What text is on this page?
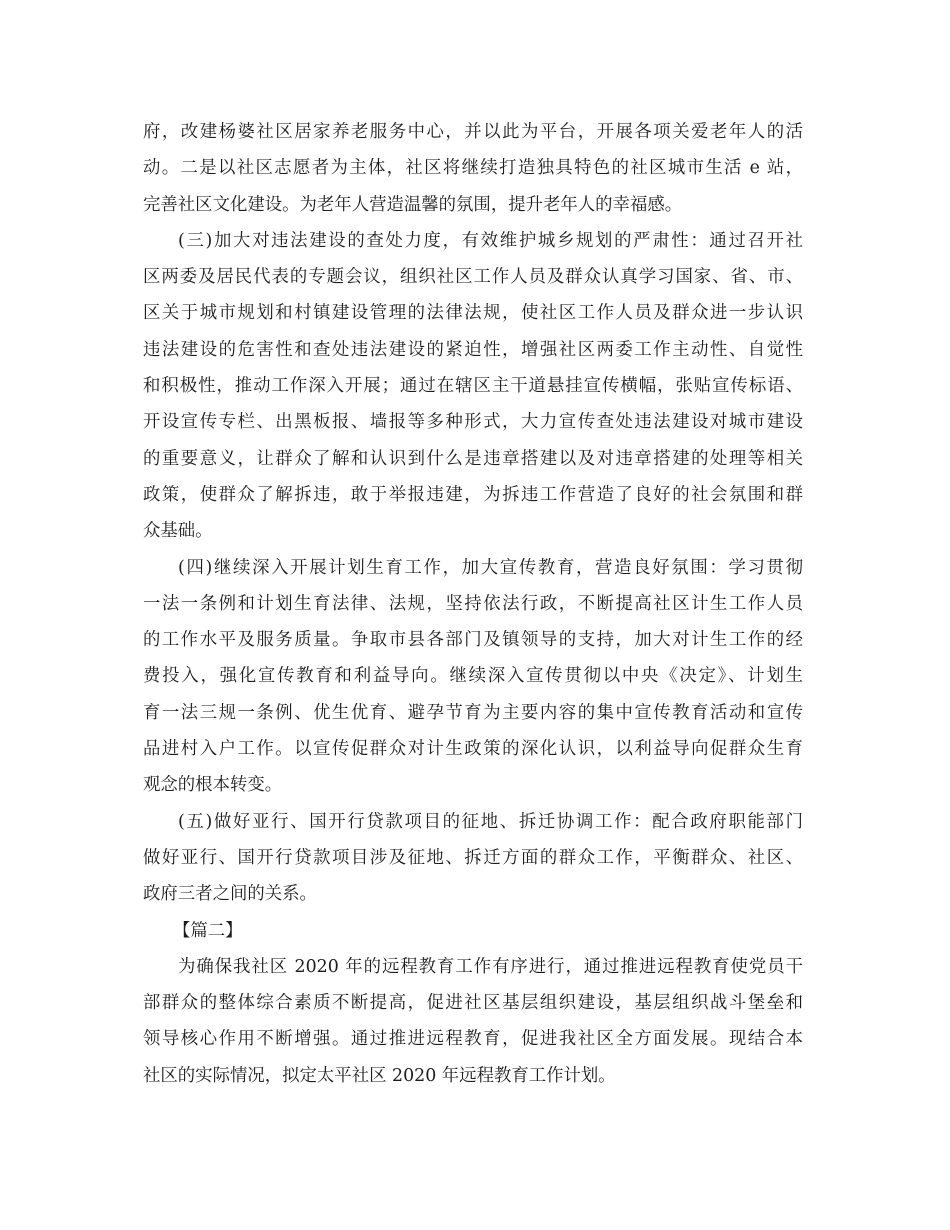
府，改建杨婆社区居家养老服务中心，并以此为平台，开展各项关爱老年人的活
动。二是以社区志愿者为主体，社区将继续打造独具特色的社区城市生活 e 站，
完善社区文化建设。为老年人营造温馨的氛围，提升老年人的幸福感。
(三)加大对违法建设的查处力度，有效维护城乡规划的严肃性：通过召开社
区两委及居民代表的专题会议，组织社区工作人员及群众认真学习国家、省、市、
区关于城市规划和村镇建设管理的法律法规，使社区工作人员及群众进一步认识
违法建设的危害性和查处违法建设的紧迫性，增强社区两委工作主动性、自觉性
和积极性，推动工作深入开展；通过在辖区主干道悬挂宣传横幅，张贴宣传标语、
开设宣传专栏、出黑板报、墙报等多种形式，大力宣传查处违法建设对城市建设
的重要意义，让群众了解和认识到什么是违章搭建以及对违章搭建的处理等相关
政策，使群众了解拆违，敢于举报违建，为拆违工作营造了良好的社会氛围和群
众基础。
(四)继续深入开展计划生育工作，加大宣传教育，营造良好氛围：学习贯彻
一法一条例和计划生育法律、法规，坚持依法行政，不断提高社区计生工作人员
的工作水平及服务质量。争取市县各部门及镇领导的支持，加大对计生工作的经
费投入，强化宣传教育和利益导向。继续深入宣传贯彻以中央《决定》、计划生
育一法三规一条例、优生优育、避孕节育为主要内容的集中宣传教育活动和宣传
品进村入户工作。以宣传促群众对计生政策的深化认识，以利益导向促群众生育
观念的根本转变。
(五)做好亚行、国开行贷款项目的征地、拆迁协调工作：配合政府职能部门
做好亚行、国开行贷款项目涉及征地、拆迁方面的群众工作，平衡群众、社区、
政府三者之间的关系。
【篇二】
为确保我社区 2020 年的远程教育工作有序进行，通过推进远程教育使党员干
部群众的整体综合素质不断提高，促进社区基层组织建设，基层组织战斗堡垒和
领导核心作用不断增强。通过推进远程教育，促进我社区全方面发展。现结合本
社区的实际情况，拟定太平社区 2020 年远程教育工作计划。
